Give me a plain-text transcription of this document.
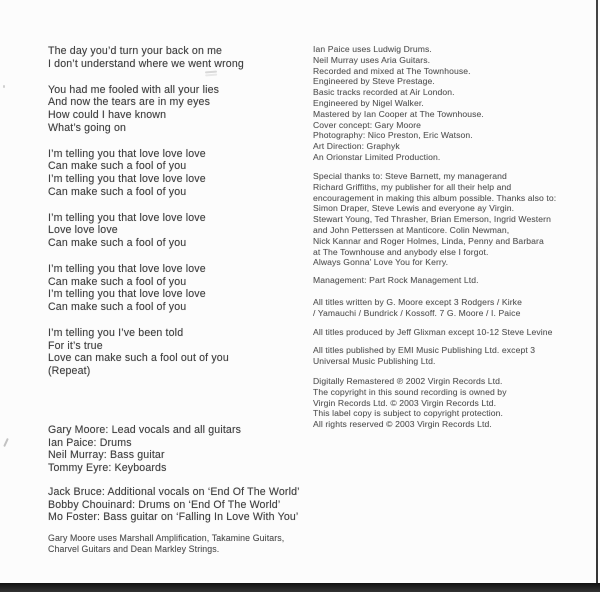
The day you’d turn your back on me
I don’t understand where we went wrong
You had me fooled with all your lies
And now the tears are in my eyes
How could I have known
What’s going on
I’m telling you that love love love
Can make such a fool of you
I’m telling you that love love love
Can make such a fool of you
I’m telling you that love love love
Love love love
Can make such a fool of you
I’m telling you that love love love
Can make such a fool of you
I’m telling you that love love love
Can make such a fool of you
I’m telling you I’ve been told
For it’s true
Love can make such a fool out of you
(Repeat)
Gary Moore: Lead vocals and all guitars
Ian Paice: Drums
Neil Murray: Bass guitar
Tommy Eyre: Keyboards
Jack Bruce: Additional vocals on ‘End Of The World’
Bobby Chouinard: Drums on ‘End Of The World’
Mo Foster: Bass guitar on ‘Falling In Love With You’
Gary Moore uses Marshall Amplification, Takamine Guitars,
Charvel Guitars and Dean Markley Strings.
Ian Paice uses Ludwig Drums.
Neil Murray uses Aria Guitars.
Recorded and mixed at The Townhouse.
Engineered by Steve Prestage.
Basic tracks recorded at Air London.
Engineered by Nigel Walker.
Mastered by Ian Cooper at The Townhouse.
Cover concept: Gary Moore
Photography: Nico Preston, Eric Watson.
Art Direction: Graphyk
An Orionstar Limited Production.
Special thanks to: Steve Barnett, my managerand
Richard Griffiths, my publisher for all their help and
encouragement in making this album possible. Thanks also to:
Simon Draper, Steve Lewis and everyone ay Virgin.
Stewart Young, Ted Thrasher, Brian Emerson, Ingrid Western
and John Petterssen at Manticore. Colin Newman,
Nick Kannar and Roger Holmes, Linda, Penny and Barbara
at The Townhouse and anybody else I forgot.
Always Gonna’ Love You for Kerry.
Management: Part Rock Management Ltd.
All titles written by G. Moore except 3 Rodgers / Kirke
/ Yamauchi / Bundrick / Kossoff. 7 G. Moore / I. Paice
All titles produced by Jeff Glixman except 10-12 Steve Levine
All titles published by EMI Music Publishing Ltd. except 3
Universal Music Publishing Ltd.
Digitally Remastered ℗ 2002 Virgin Records Ltd.
The copyright in this sound recording is owned by
Virgin Records Ltd. © 2003 Virgin Records Ltd.
This label copy is subject to copyright protection.
All rights reserved © 2003 Virgin Records Ltd.
